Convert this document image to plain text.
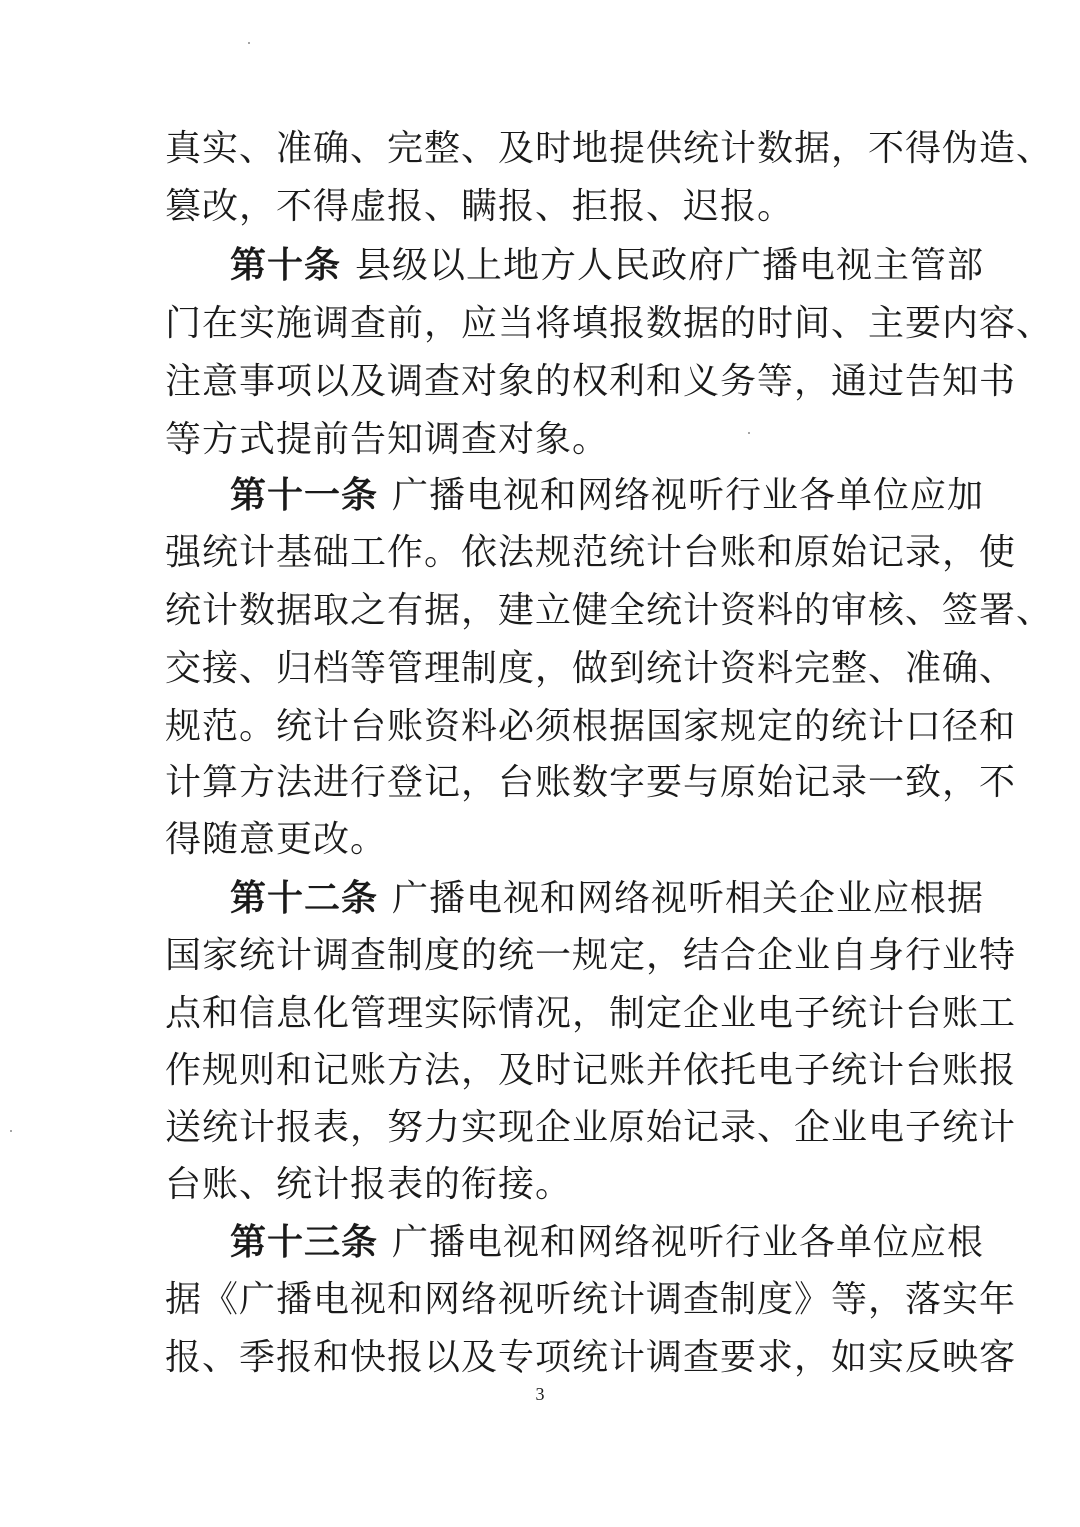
真实、准确、完整、及时地提供统计数据，不得伪造、
篡改，不得虚报、瞒报、拒报、迟报。
第十条 县级以上地方人民政府广播电视主管部
门在实施调查前，应当将填报数据的时间、主要内容、
注意事项以及调查对象的权利和义务等，通过告知书
等方式提前告知调查对象。
第十一条 广播电视和网络视听行业各单位应加
强统计基础工作。依法规范统计台账和原始记录，使
统计数据取之有据，建立健全统计资料的审核、签署、
交接、归档等管理制度，做到统计资料完整、准确、
规范。统计台账资料必须根据国家规定的统计口径和
计算方法进行登记，台账数字要与原始记录一致，不
得随意更改。
第十二条 广播电视和网络视听相关企业应根据
国家统计调查制度的统一规定，结合企业自身行业特
点和信息化管理实际情况，制定企业电子统计台账工
作规则和记账方法，及时记账并依托电子统计台账报
送统计报表，努力实现企业原始记录、企业电子统计
台账、统计报表的衔接。
第十三条 广播电视和网络视听行业各单位应根
据《广播电视和网络视听统计调查制度》等，落实年
报、季报和快报以及专项统计调查要求，如实反映客
3
